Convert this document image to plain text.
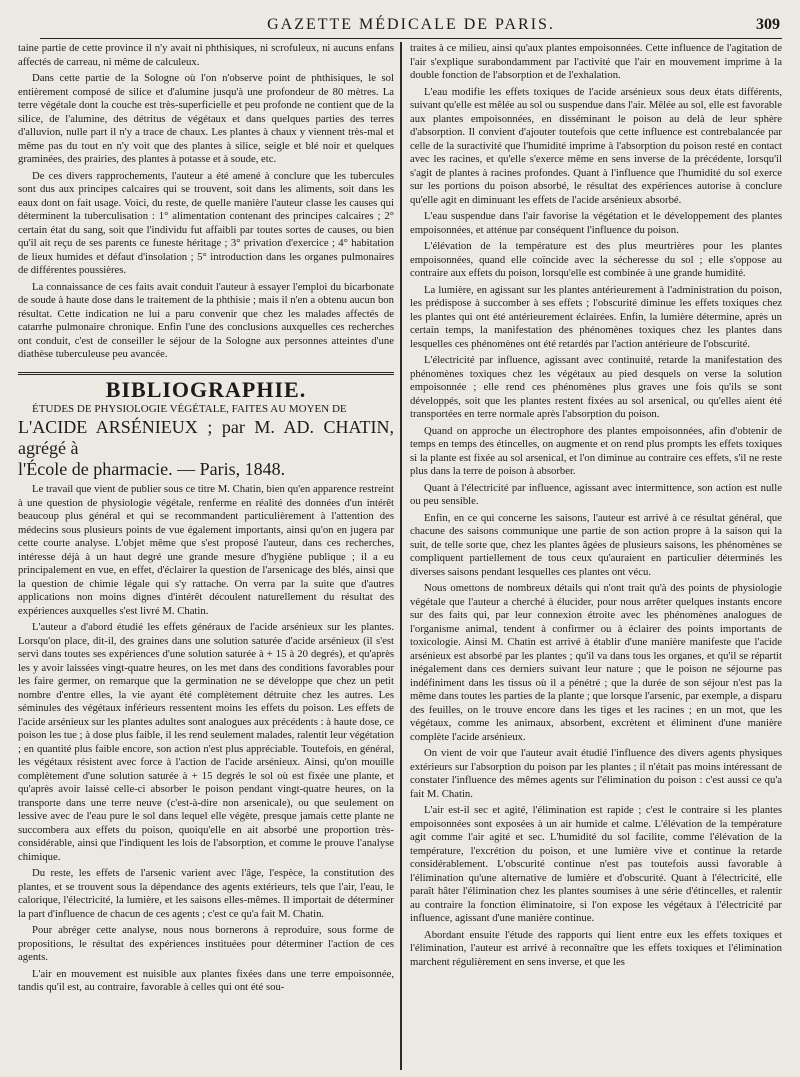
GAZETTE MÉDICALE DE PARIS.	309

taine partie de cette province il n'y avait ni phthisiques, ni scrofuleux, ni aucuns enfans affectés de carreau, ni même de calculeux.

Dans cette partie de la Sologne où l'on n'observe point de phthisiques, le sol entièrement composé de silice et d'alumine jusqu'à une profondeur de 80 mètres. La terre végétale dont la couche est très-superficielle et peu profonde ne contient que de la silice, de l'alumine, des détritus de végétaux et dans quelques parties des terres d'alluvion, nulle part il n'y a trace de chaux. Les plantes à chaux y viennent très-mal et même pas du tout en n'y voit que des plantes à silice, seigle et blé noir et quelques graminées, des prairies, des plantes à potasse et à soude, etc.

De ces divers rapprochements, l'auteur a été amené à conclure que les tubercules sont dus aux principes calcaires qui se trouvent, soit dans les aliments, soit dans les eaux dont on fait usage. Voici, du reste, de quelle manière l'auteur classe les causes qui déterminent la tuberculisation : 1° alimentation contenant des principes calcaires ; 2° certain état du sang, soit que l'individu fut affaibli par toutes sortes de causes, ou bien qu'il ait reçu de ses parents ce funeste héritage ; 3° privation d'exercice ; 4° habitation de lieux humides et défaut d'insolation ; 5° introduction dans les organes pulmonaires de différentes poussières.

La connaissance de ces faits avait conduit l'auteur à essayer l'emploi du bicarbonate de soude à haute dose dans le traitement de la phthisie ; mais il n'en a obtenu aucun bon résultat. Cette indication ne lui a paru convenir que chez les malades affectés de catarrhe pulmonaire chronique. Enfin l'une des conclusions auxquelles ces recherches ont conduit, c'est de conseiller le séjour de la Sologne aux personnes atteintes d'une diathèse tuberculeuse peu avancée.

BIBLIOGRAPHIE.

ÉTUDES DE PHYSIOLOGIE VÉGÉTALE, FAITES AU MOYEN DE
L'ACIDE ARSÉNIEUX ; par M. AD. CHATIN, agrégé à
l'École de pharmacie. — Paris, 1848.

Le travail que vient de publier sous ce titre M. Chatin, bien qu'en apparence restreint à une question de physiologie végétale, renferme en réalité des données d'un intérêt beaucoup plus général et qui se recommandent particulièrement à l'attention des médecins sous plusieurs points de vue également importants, ainsi qu'on en jugera par cette courte analyse. L'objet même que s'est proposé l'auteur, dans ces recherches, intéresse déjà à un haut degré une grande mesure d'hygiène publique ; il a eu principalement en vue, en effet, d'éclairer la question de l'arsenicage des blés, ainsi que la question de chimie légale qui s'y rattache. On verra par la suite que d'autres applications non moins dignes d'intérêt découlent naturellement du résultat des expériences auxquelles s'est livré M. Chatin.

L'auteur a d'abord étudié les effets généraux de l'acide arsénieux sur les plantes. Lorsqu'on place, dit-il, des graines dans une solution saturée d'acide arsénieux (il s'est servi dans toutes ses expériences d'une solution saturée à + 15 à 20 degrés), et qu'après les y avoir laissées vingt-quatre heures, on les met dans des conditions favorables pour les faire germer, on remarque que la germination ne se développe que chez un petit nombre d'entre elles, la vie ayant été complètement détruite chez les autres. Les séminules des végétaux inférieurs ressentent moins les effets du poison. Les effets de l'acide arsénieux sur les plantes adultes sont analogues aux précédents : à haute dose, ce poison les tue ; à dose plus faible, il les rend seulement malades, ralentit leur végétation ; en quantité plus faible encore, son action n'est plus appréciable. Toutefois, en général, les végétaux résistent avec force à l'action de l'acide arsénieux. Ainsi, qu'on mouille complètement d'une solution saturée à + 15 degrés le sol où est fixée une plante, et qu'après avoir laissé celle-ci absorber le poison pendant vingt-quatre heures, on la transporte dans une terre neuve (c'est-à-dire non arsenicale), ou que seulement on lessive avec de l'eau pure le sol dans lequel elle végète, presque jamais cette plante ne succombera aux effets du poison, quoiqu'elle en ait absorbé une proportion très-considérable, ainsi que l'indiquent les lois de l'absorption, et comme le prouve l'analyse chimique.

Du reste, les effets de l'arsenic varient avec l'âge, l'espèce, la constitution des plantes, et se trouvent sous la dépendance des agents extérieurs, tels que l'air, l'eau, le calorique, l'électricité, la lumière, et les saisons elles-mêmes. Il importait de déterminer la part d'influence de chacun de ces agents ; c'est ce qu'a fait M. Chatin.

Pour abréger cette analyse, nous nous bornerons à reproduire, sous forme de propositions, le résultat des expériences instituées pour déterminer l'action de ces agents.

L'air en mouvement est nuisible aux plantes fixées dans une terre empoisonnée, tandis qu'il est, au contraire, favorable à celles qui ont été sou-

traites à ce milieu, ainsi qu'aux plantes empoisonnées. Cette influence de l'agitation de l'air s'explique surabondamment par l'activité que l'air en mouvement imprime à la double fonction de l'absorption et de l'exhalation.

L'eau modifie les effets toxiques de l'acide arsénieux sous deux états différents, suivant qu'elle est mêlée au sol ou suspendue dans l'air. Mêlée au sol, elle est favorable aux plantes empoisonnées, en disséminant le poison au delà de leur sphère d'absorption. Il convient d'ajouter toutefois que cette influence est contrebalancée par celle de la suractivité que l'humidité imprime à l'absorption du poison resté en contact avec les racines, et qu'elle s'exerce même en sens inverse de la précédente, lorsqu'il s'agit de plantes à racines profondes. Quant à l'influence que l'humidité du sol exerce sur les portions du poison absorbé, le résultat des expériences autorise à conclure qu'elle agit en diminuant les effets de l'acide arsénieux absorbé.

L'eau suspendue dans l'air favorise la végétation et le développement des plantes empoisonnées, et atténue par conséquent l'influence du poison.

L'élévation de la température est des plus meurtrières pour les plantes empoisonnées, quand elle coïncide avec la sécheresse du sol ; elle s'oppose au contraire aux effets du poison, lorsqu'elle est combinée à une grande humidité.

La lumière, en agissant sur les plantes antérieurement à l'administration du poison, les prédispose à succomber à ses effets ; l'obscurité diminue les effets toxiques chez les plantes qui ont été antérieurement éclairées. Enfin, la lumière détermine, après un certain temps, la manifestation des phénomènes toxiques chez les plantes dans lesquelles ces phénomènes ont été retardés par l'action antérieure de l'obscurité.

L'électricité par influence, agissant avec continuité, retarde la manifestation des phénomènes toxiques chez les végétaux au pied desquels on verse la solution empoisonnée ; elle rend ces phénomènes plus graves une fois qu'ils se sont développés, soit que les plantes restent fixées au sol arsenical, ou qu'elles aient été transportées en terre normale après l'absorption du poison.

Quand on approche un électrophore des plantes empoisonnées, afin d'obtenir de temps en temps des étincelles, on augmente et on rend plus prompts les effets toxiques si la plante est fixée au sol arsenical, et l'on diminue au contraire ces effets, s'il ne reste plus dans la terre de poison à absorber.

Quant à l'électricité par influence, agissant avec intermittence, son action est nulle ou peu sensible.

Enfin, en ce qui concerne les saisons, l'auteur est arrivé à ce résultat général, que chacune des saisons communique une partie de son action propre à la saison qui la suit, de telle sorte que, chez les plantes âgées de plusieurs saisons, les phénomènes se compliquent partiellement de tous ceux qu'auraient en particulier déterminés les diverses saisons pendant lesquelles ces plantes ont vécu.

Nous omettons de nombreux détails qui n'ont trait qu'à des points de physiologie végétale que l'auteur a cherché à élucider, pour nous arrêter quelques instants encore sur des faits qui, par leur connexion étroite avec les phénomènes analogues de l'organisme animal, tendent à confirmer ou à éclairer des points importants de toxicologie. Ainsi M. Chatin est arrivé à établir d'une manière manifeste que l'acide arsénieux est absorbé par les plantes ; qu'il va dans tous les organes, et qu'il se répartit inégalement dans ces derniers suivant leur nature ; que le poison ne séjourne pas indéfiniment dans les tissus où il a pénétré ; que la durée de son séjour n'est pas la même dans toutes les parties de la plante ; que lorsque l'arsenic, par exemple, a disparu des feuilles, on le trouve encore dans les tiges et les racines ; en un mot, que les végétaux, comme les animaux, absorbent, excrètent et éliminent d'une manière complète l'acide arsénieux.

On vient de voir que l'auteur avait étudié l'influence des divers agents physiques extérieurs sur l'absorption du poison par les plantes ; il n'était pas moins intéressant de constater l'influence des mêmes agents sur l'élimination du poison : c'est aussi ce qu'a fait M. Chatin.

L'air est-il sec et agité, l'élimination est rapide ; c'est le contraire si les plantes empoisonnées sont exposées à un air humide et calme. L'élévation de la température agit comme l'air agité et sec. L'humidité du sol facilite, comme l'élévation de la température, l'excrétion du poison, et une lumière vive et continue la retarde considérablement. L'obscurité continue n'est pas toutefois aussi favorable à l'élimination qu'une alternative de lumière et d'obscurité. Quant à l'électricité, elle paraît hâter l'élimination chez les plantes soumises à une série d'étincelles, et ralentir au contraire la fonction éliminatoire, si l'on expose les végétaux à l'électricité par influence, agissant d'une manière continue.

Abordant ensuite l'étude des rapports qui lient entre eux les effets toxiques et l'élimination, l'auteur est arrivé à reconnaître que les effets toxiques et l'élimination marchent régulièrement en sens inverse, et que les
